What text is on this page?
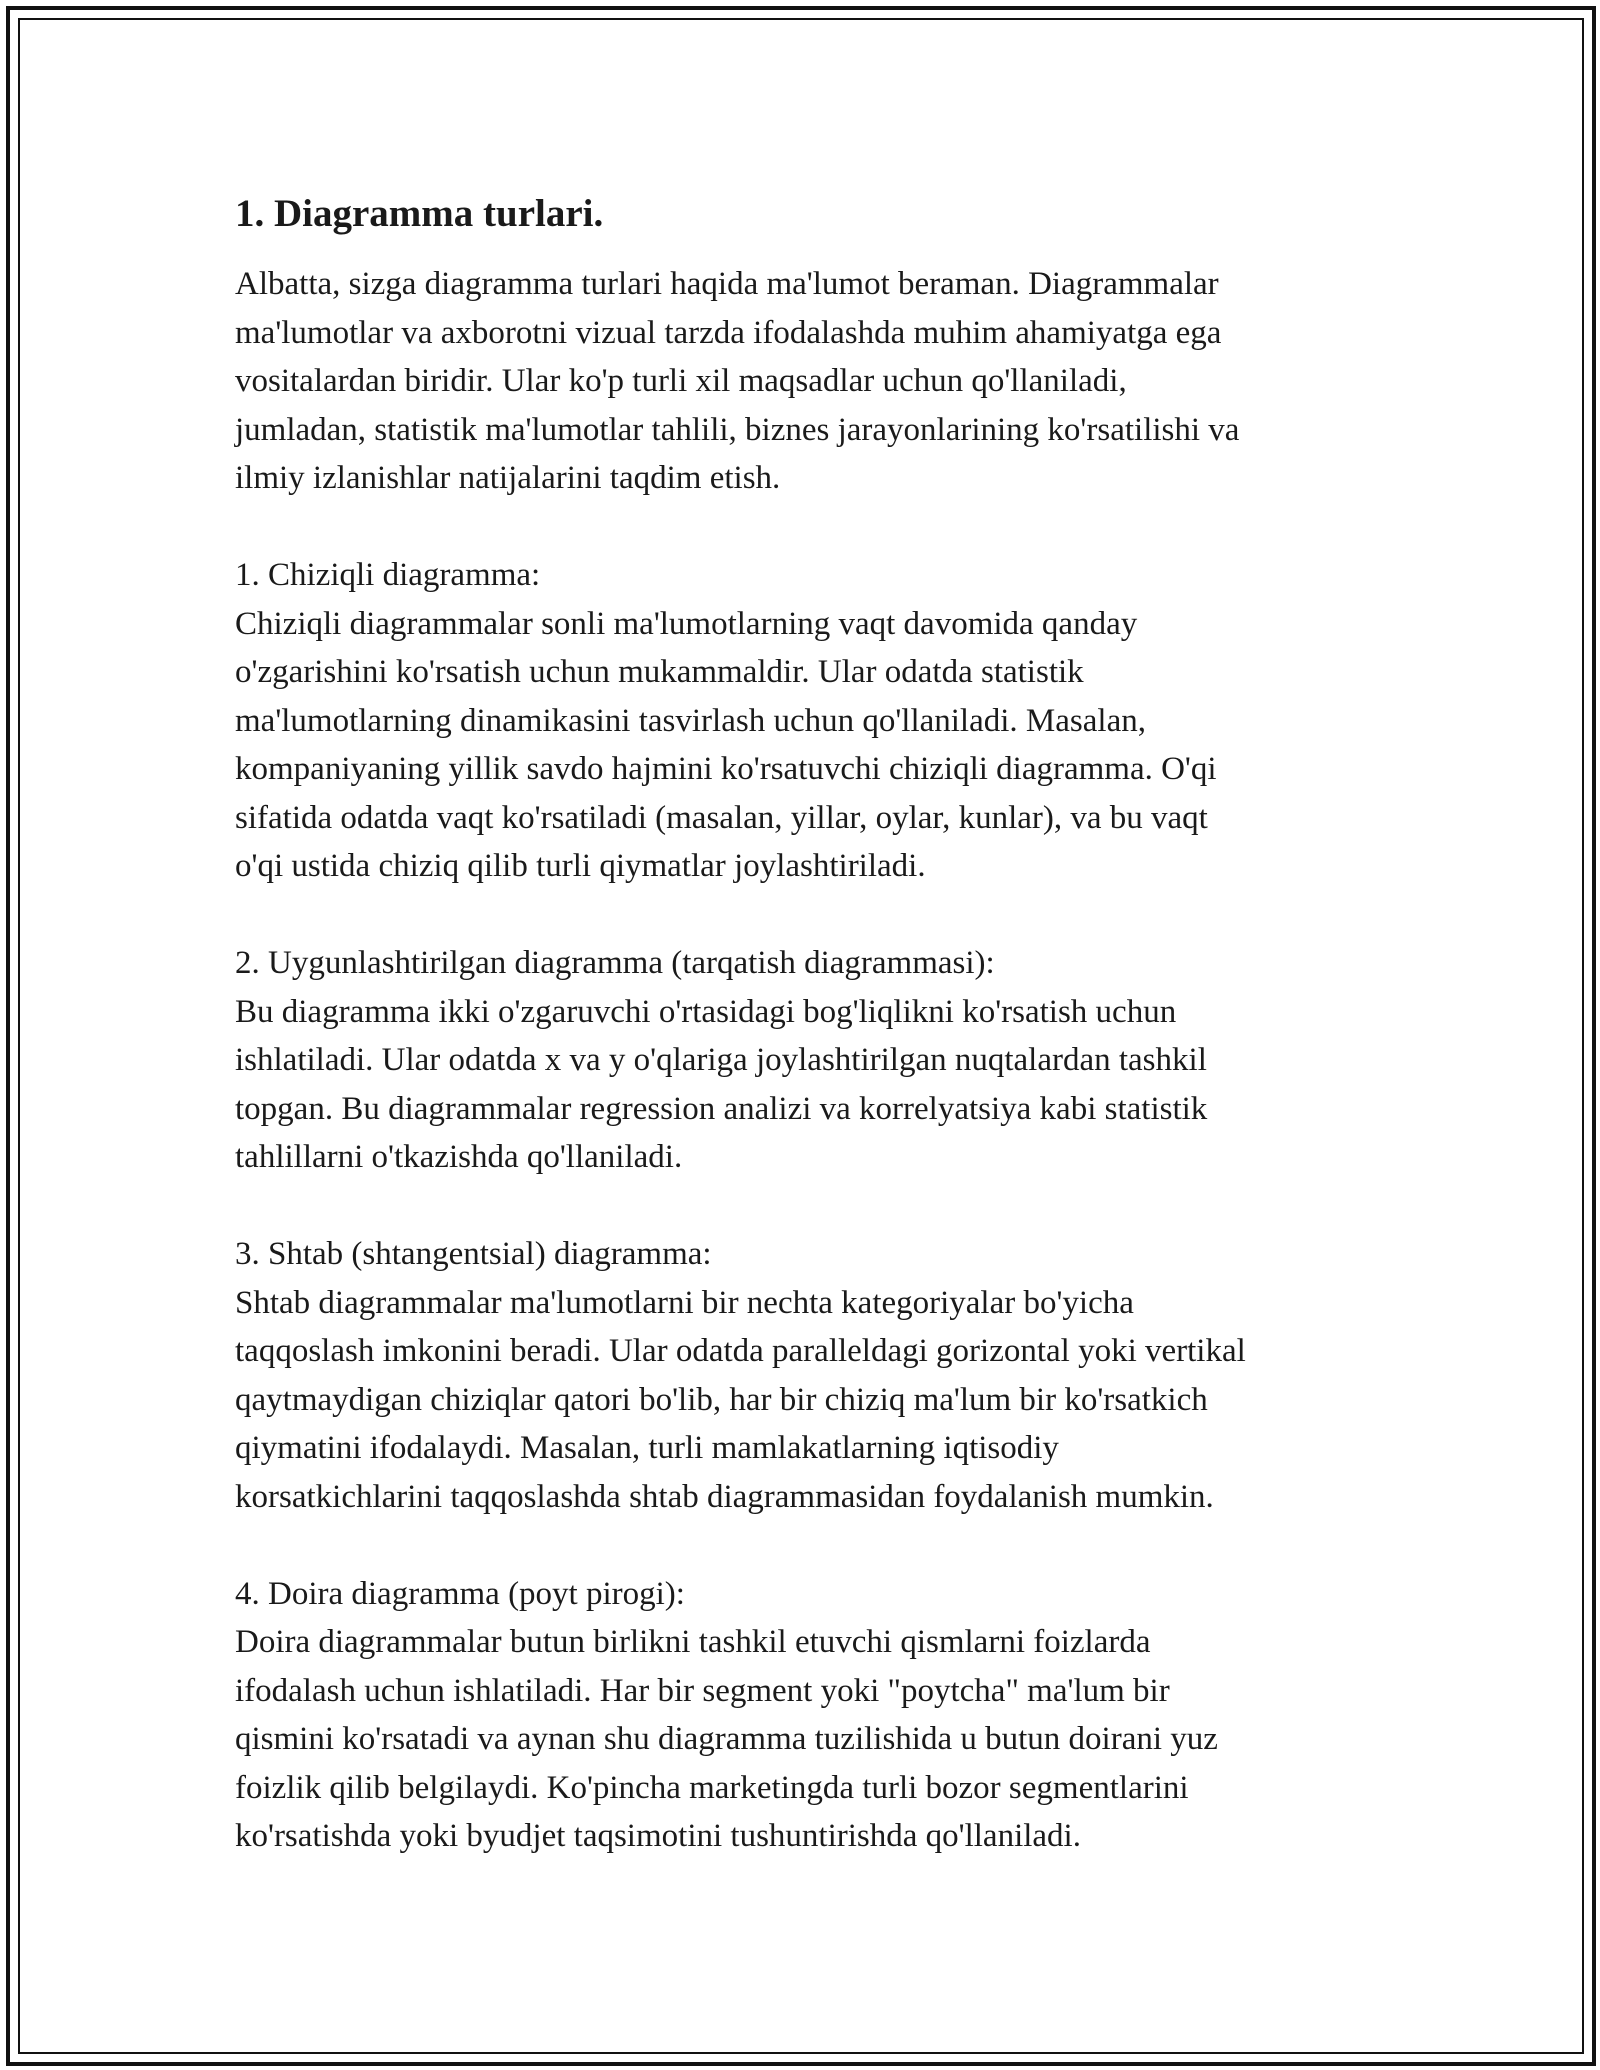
1. Diagramma turlari.

Albatta, sizga diagramma turlari haqida ma'lumot beraman. Diagrammalar
ma'lumotlar va axborotni vizual tarzda ifodalashda muhim ahamiyatga ega
vositalardan biridir. Ular ko'p turli xil maqsadlar uchun qo'llaniladi,
jumladan, statistik ma'lumotlar tahlili, biznes jarayonlarining ko'rsatilishi va
ilmiy izlanishlar natijalarini taqdim etish.

1. Chiziqli diagramma:
Chiziqli diagrammalar sonli ma'lumotlarning vaqt davomida qanday
o'zgarishini ko'rsatish uchun mukammaldir. Ular odatda statistik
ma'lumotlarning dinamikasini tasvirlash uchun qo'llaniladi. Masalan,
kompaniyaning yillik savdo hajmini ko'rsatuvchi chiziqli diagramma. O'qi
sifatida odatda vaqt ko'rsatiladi (masalan, yillar, oylar, kunlar), va bu vaqt
o'qi ustida chiziq qilib turli qiymatlar joylashtiriladi.

2. Uygunlashtirilgan diagramma (tarqatish diagrammasi):
Bu diagramma ikki o'zgaruvchi o'rtasidagi bog'liqlikni ko'rsatish uchun
ishlatiladi. Ular odatda x va y o'qlariga joylashtirilgan nuqtalardan tashkil
topgan. Bu diagrammalar regression analizi va korrelyatsiya kabi statistik
tahlillarni o'tkazishda qo'llaniladi.

3. Shtab (shtangentsial) diagramma:
Shtab diagrammalar ma'lumotlarni bir nechta kategoriyalar bo'yicha
taqqoslash imkonini beradi. Ular odatda paralleldagi gorizontal yoki vertikal
qaytmaydigan chiziqlar qatori bo'lib, har bir chiziq ma'lum bir ko'rsatkich
qiymatini ifodalaydi. Masalan, turli mamlakatlarning iqtisodiy
korsatkichlarini taqqoslashda shtab diagrammasidan foydalanish mumkin.

4. Doira diagramma (poyt pirogi):
Doira diagrammalar butun birlikni tashkil etuvchi qismlarni foizlarda
ifodalash uchun ishlatiladi. Har bir segment yoki "poytcha" ma'lum bir
qismini ko'rsatadi va aynan shu diagramma tuzilishida u butun doirani yuz
foizlik qilib belgilaydi. Ko'pincha marketingda turli bozor segmentlarini
ko'rsatishda yoki byudjet taqsimotini tushuntirishda qo'llaniladi.
